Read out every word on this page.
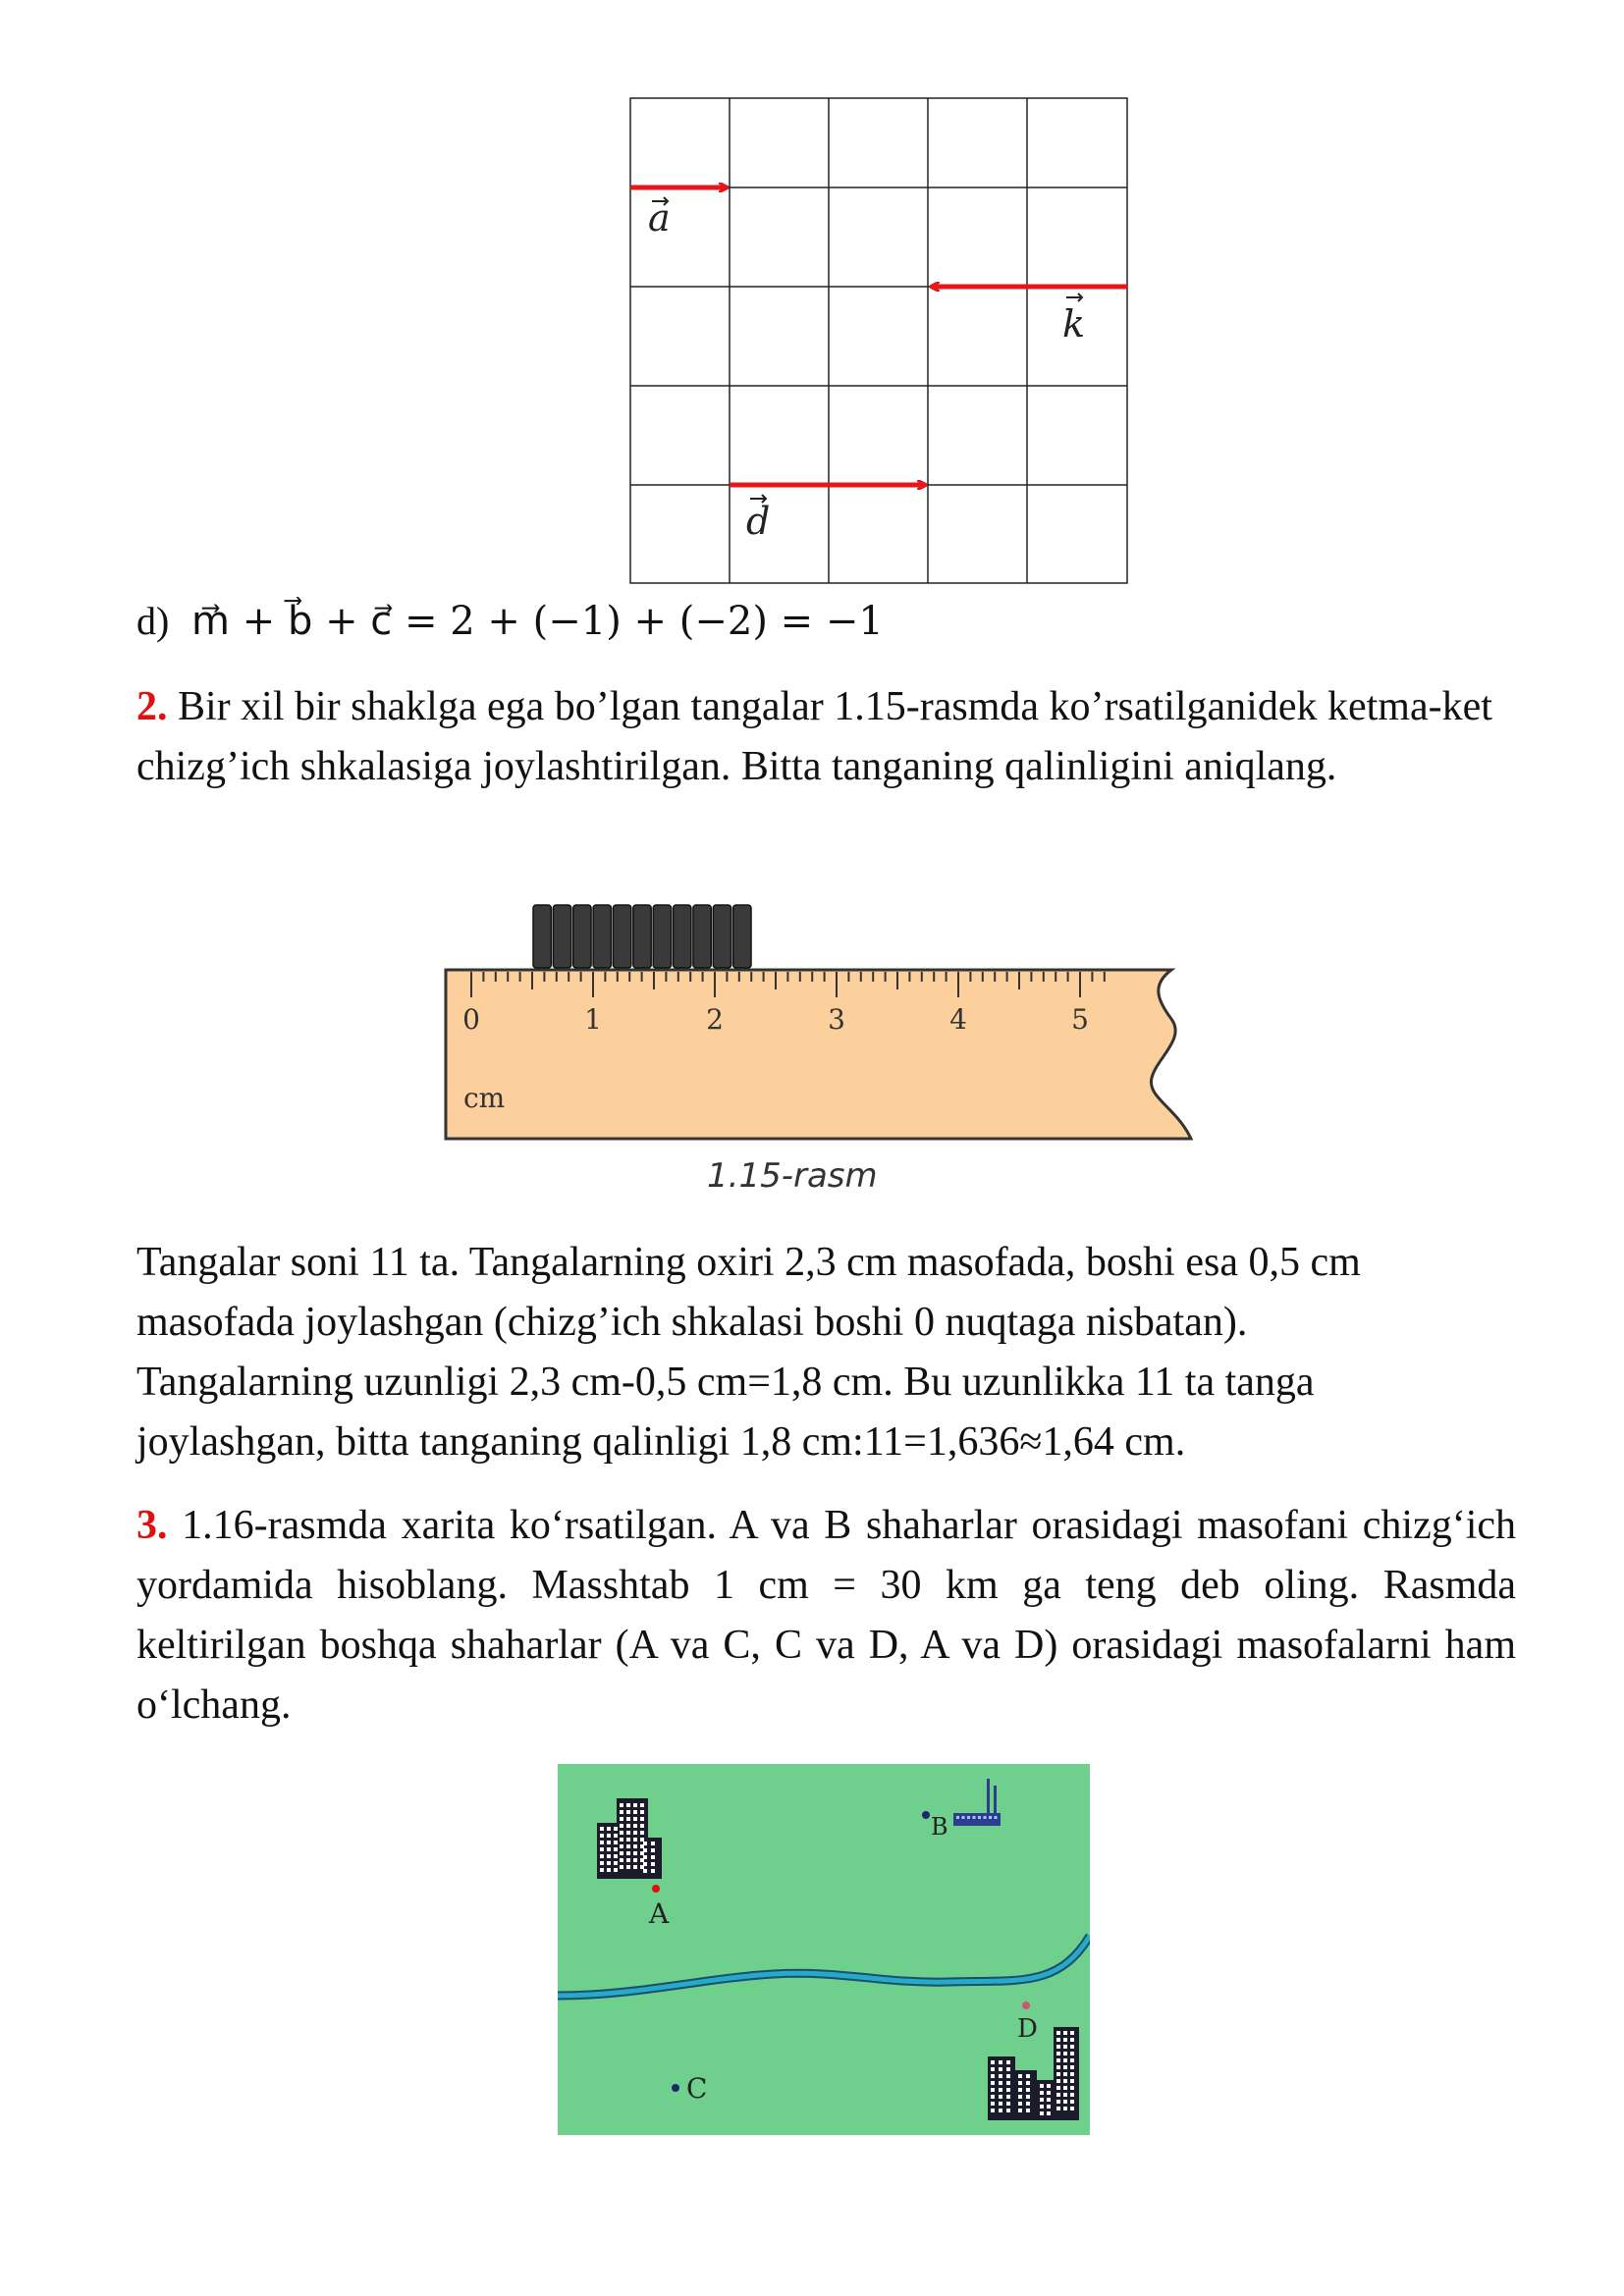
a
k
d
d) m⃗ + b⃗ + c⃗ = 2 + (−1) + (−2) = −1
2. Bir xil bir shaklga ega bo’lgan tangalar 1.15-rasmda ko’rsatilganidek ketma-ket chizg’ich shkalasiga joylashtirilgan. Bitta tanganing qalinligini aniqlang.
0	1	2	3	4	5
cm
1.15-rasm
Tangalar soni 11 ta. Tangalarning oxiri 2,3 cm masofada, boshi esa 0,5 cm
masofada joylashgan (chizg’ich shkalasi boshi 0 nuqtaga nisbatan).
Tangalarning uzunligi 2,3 cm-0,5 cm=1,8 cm. Bu uzunlikka 11 ta tanga
joylashgan, bitta tanganing qalinligi 1,8 cm:11=1,636≈1,64 cm.
3. 1.16-rasmda xarita ko‘rsatilgan. A va B shaharlar orasidagi masofani chizg‘ich yordamida hisoblang. Masshtab 1 cm = 30 km ga teng deb oling. Rasmda keltirilgan boshqa shaharlar (A va C, C va D, A va D) orasidagi masofalarni ham o‘lchang.
A
B
C
D
